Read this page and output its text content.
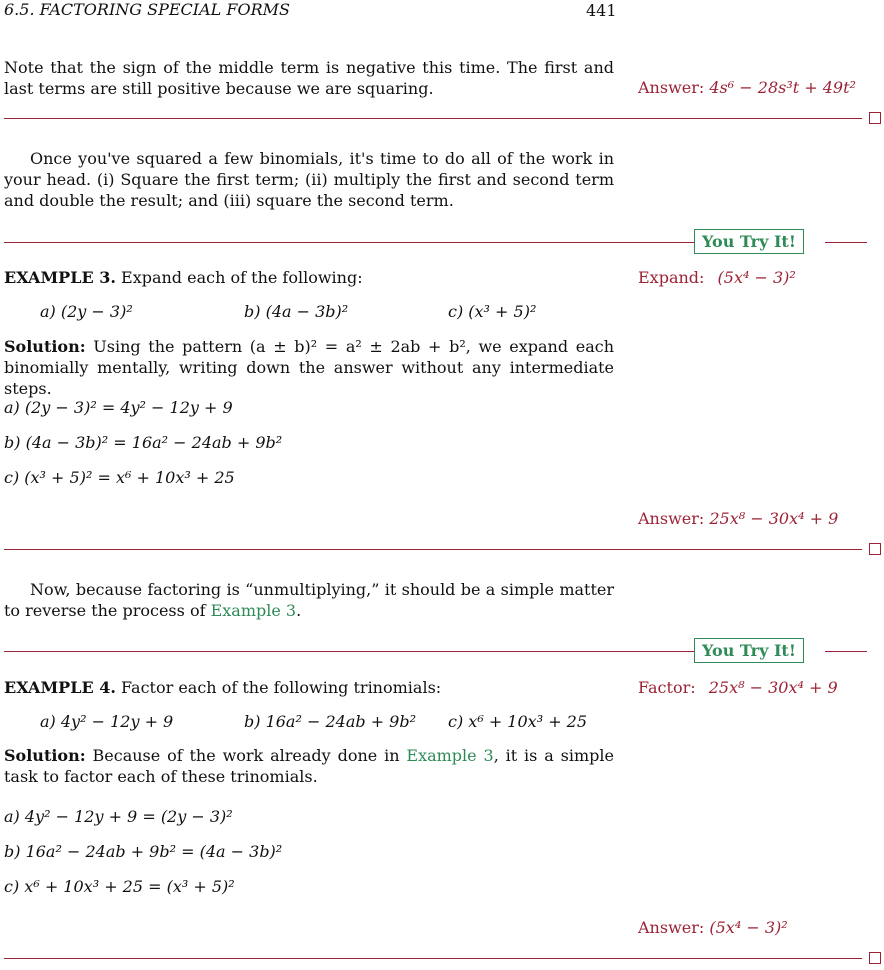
6.5. FACTORING SPECIAL FORMS	441
Note that the sign of the middle term is negative this time. The first and last terms are still positive because we are squaring.	Answer: 4s⁶ − 28s³t + 49t²
Once you've squared a few binomials, it's time to do all of the work in your head. (i) Square the first term; (ii) multiply the first and second term and double the result; and (iii) square the second term.
You Try It!
EXAMPLE 3. Expand each of the following:	Expand: (5x⁴ − 3)²
a) (2y − 3)²	b) (4a − 3b)²	c) (x³ + 5)²
Solution: Using the pattern (a ± b)² = a² ± 2ab + b², we expand each binomially mentally, writing down the answer without any intermediate steps.
a) (2y − 3)² = 4y² − 12y + 9
b) (4a − 3b)² = 16a² − 24ab + 9b²
c) (x³ + 5)² = x⁶ + 10x³ + 25
Answer: 25x⁸ − 30x⁴ + 9
Now, because factoring is “unmultiplying,” it should be a simple matter to reverse the process of Example 3.
You Try It!
EXAMPLE 4. Factor each of the following trinomials:	Factor: 25x⁸ − 30x⁴ + 9
a) 4y² − 12y + 9	b) 16a² − 24ab + 9b² c) x⁶ + 10x³ + 25
Solution: Because of the work already done in Example 3, it is a simple task to factor each of these trinomials.
a) 4y² − 12y + 9 = (2y − 3)²
b) 16a² − 24ab + 9b² = (4a − 3b)²
c) x⁶ + 10x³ + 25 = (x³ + 5)²
Answer: (5x⁴ − 3)²
